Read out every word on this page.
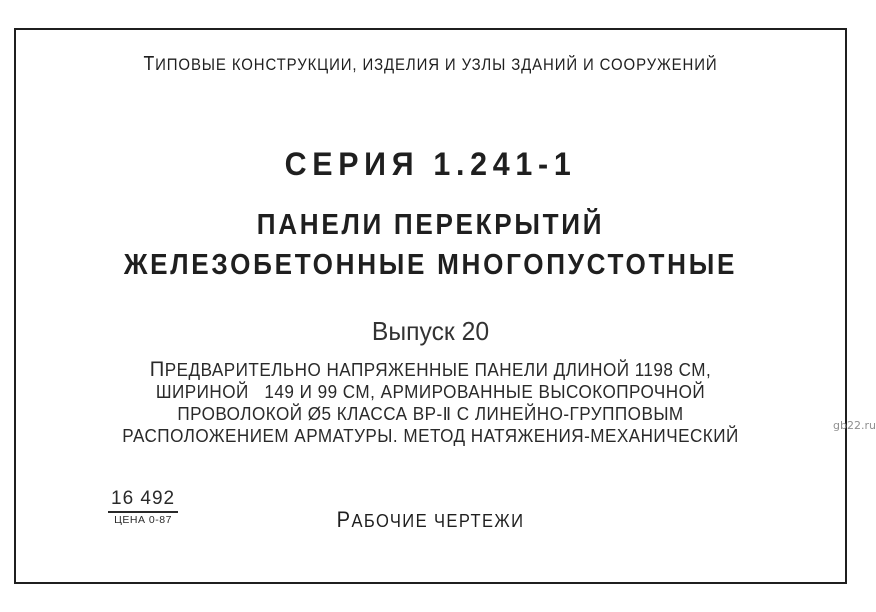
ТИПОВЫЕ КОНСТРУКЦИИ, ИЗДЕЛИЯ И УЗЛЫ ЗДАНИЙ И СООРУЖЕНИЙ
СЕРИЯ 1.241-1
ПАНЕЛИ ПЕРЕКРЫТИЙ
ЖЕЛЕЗОБЕТОННЫЕ МНОГОПУСТОТНЫЕ
Выпуск 20
ПРЕДВАРИТЕЛЬНО НАПРЯЖЕННЫЕ ПАНЕЛИ ДЛИНОЙ 1198 СМ,
ШИРИНОЙ   149 И 99 СМ, АРМИРОВАННЫЕ ВЫСОКОПРОЧНОЙ
ПРОВОЛОКОЙ Ø5 КЛАССА ВР-Ⅱ С ЛИНЕЙНО-ГРУППОВЫМ
РАСПОЛОЖЕНИЕМ АРМАТУРЫ. МЕТОД НАТЯЖЕНИЯ-МЕХАНИЧЕСКИЙ
16 492
ЦЕНА 0-87	РАБОЧИЕ ЧЕРТЕЖИ
gb22.ru
